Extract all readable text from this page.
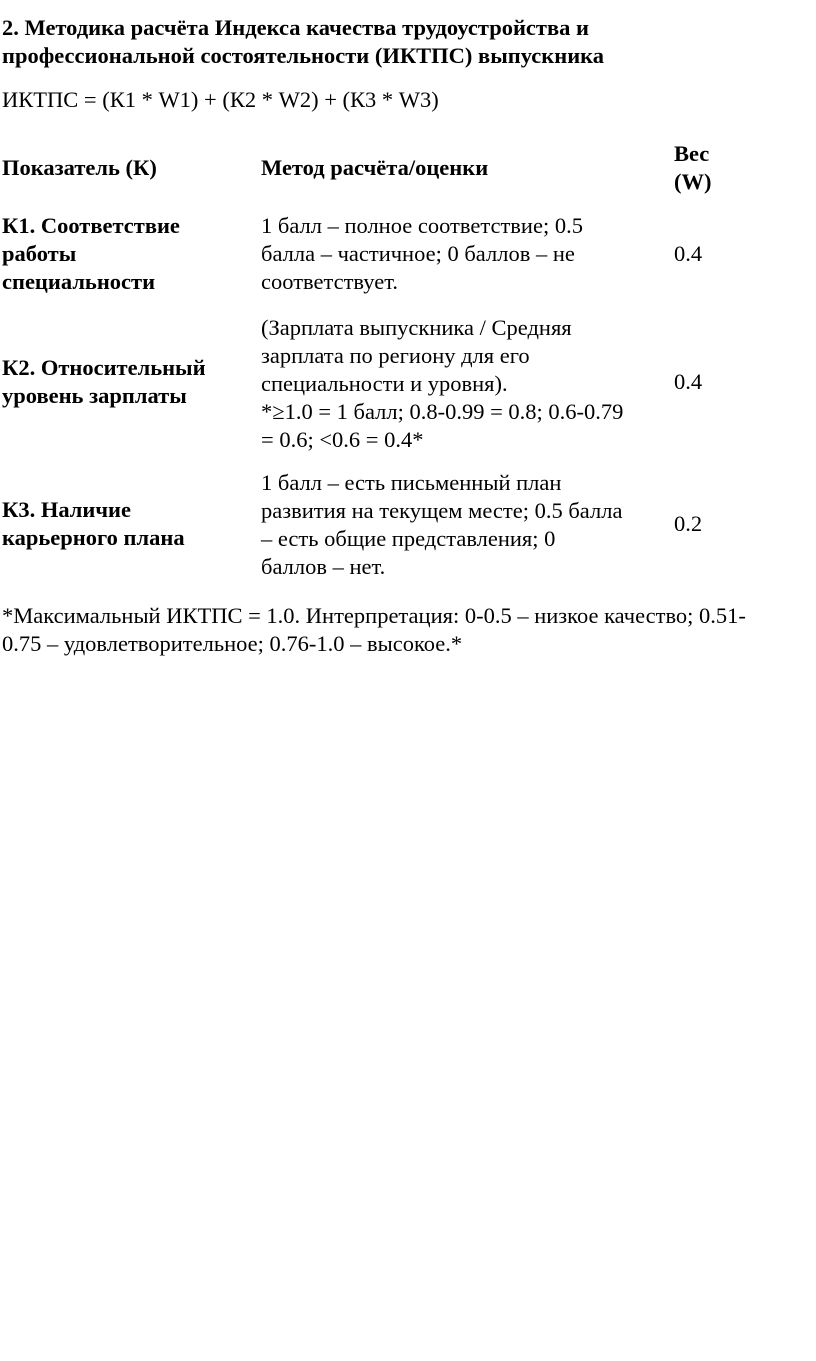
2. Методика расчёта Индекса качества трудоустройства и
профессиональной состоятельности (ИКТПС) выпускника
ИКТПС = (К1 * W1) + (К2 * W2) + (К3 * W3)
Показатель (К)	Метод расчёта/оценки
Вес
(W)
К1. Соответствие
работы
специальности
1 балл – полное соответствие; 0.5
балла – частичное; 0 баллов – не
соответствует.
0.4
К2. Относительный
уровень зарплаты
(Зарплата выпускника / Средняя
зарплата по региону для его
специальности и уровня).
*≥1.0 = 1 балл; 0.8-0.99 = 0.8; 0.6-0.79
= 0.6; <0.6 = 0.4*
0.4
К3. Наличие
карьерного плана
1 балл – есть письменный план
развития на текущем месте; 0.5 балла
– есть общие представления; 0
баллов – нет.
0.2
*Максимальный ИКТПС = 1.0. Интерпретация: 0-0.5 – низкое качество; 0.51-
0.75 – удовлетворительное; 0.76-1.0 – высокое.*
